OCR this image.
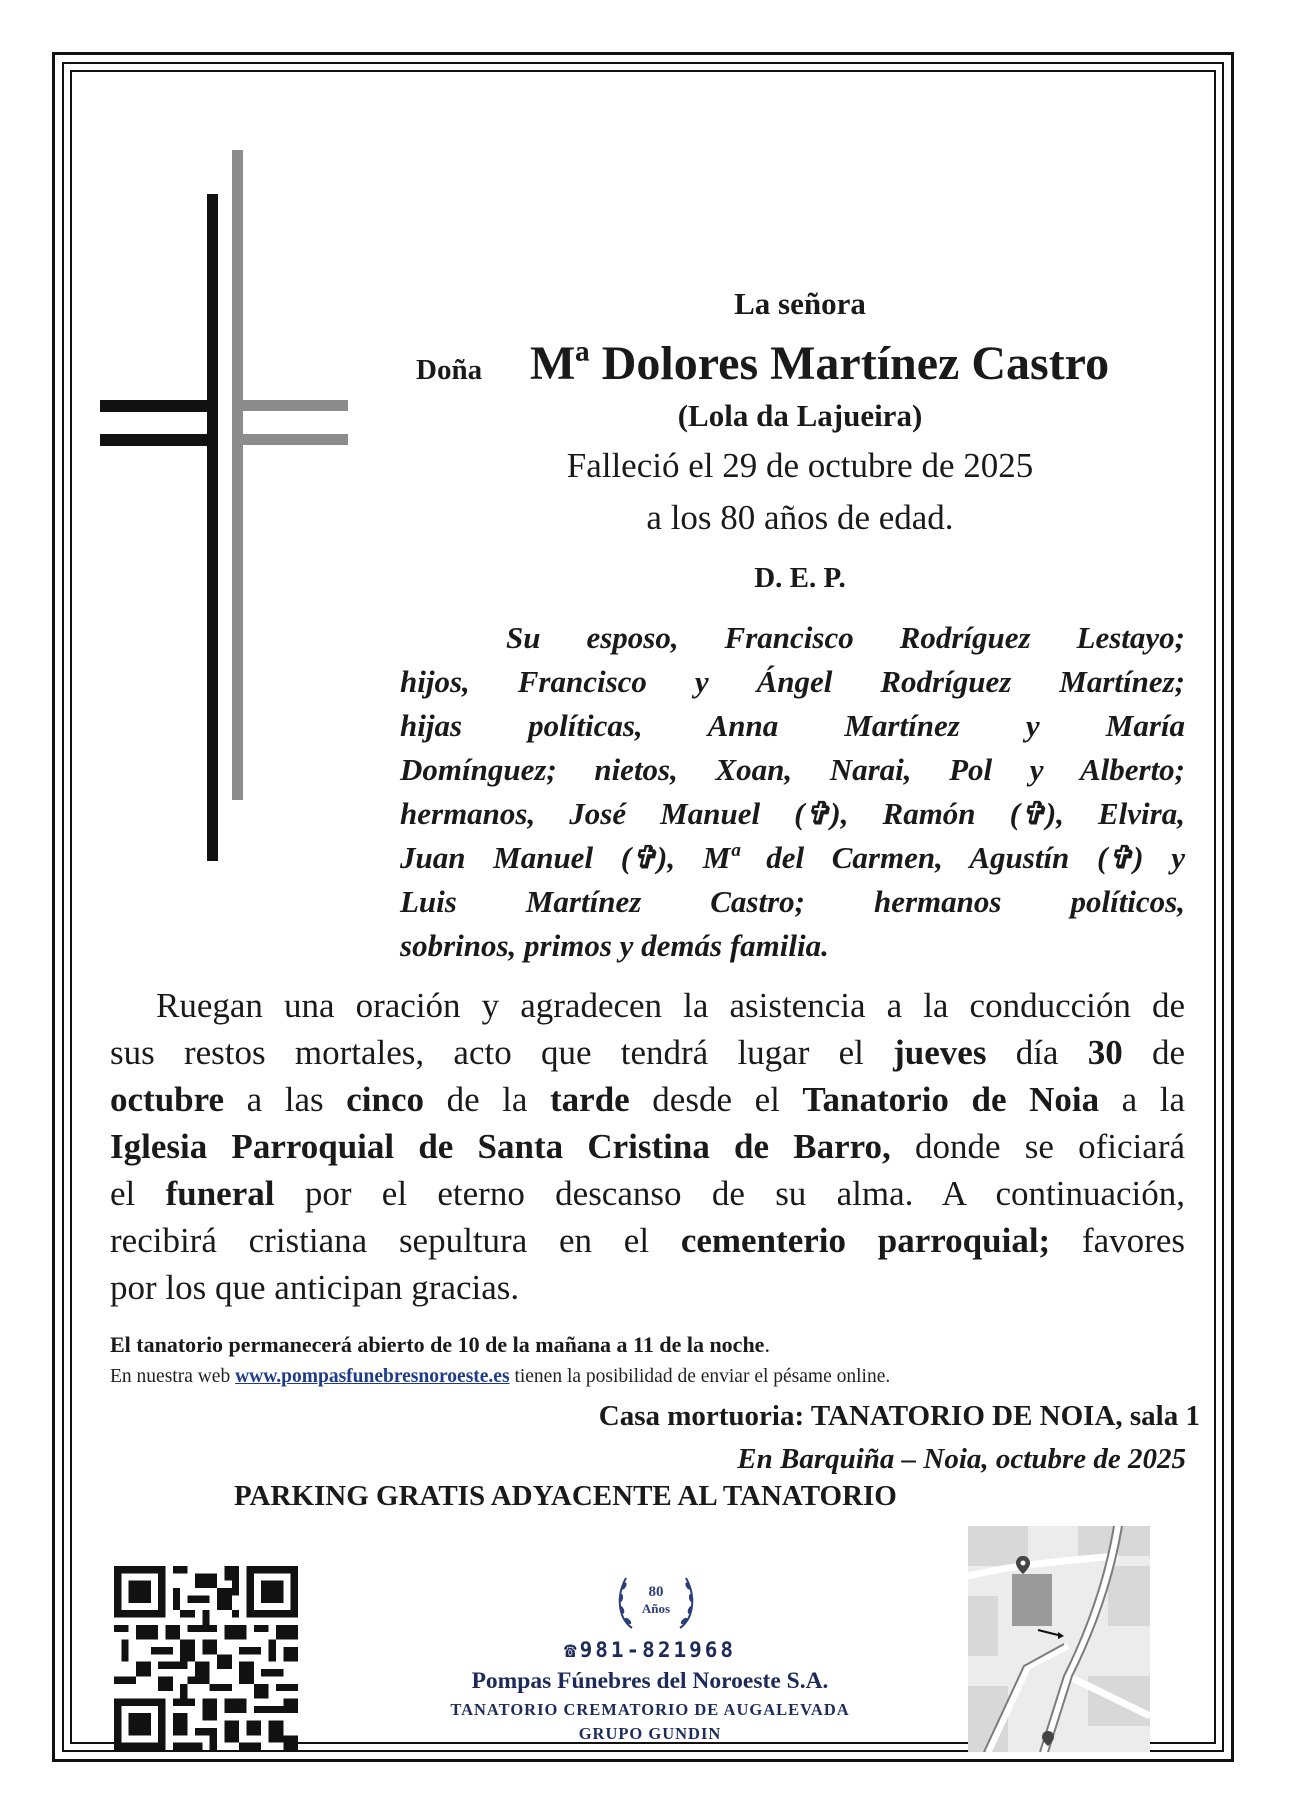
La señora
Doña Mª Dolores Martínez Castro
(Lola da Lajueira)
Falleció el 29 de octubre de 2025
a los 80 años de edad.
D. E. P.
Su esposo, Francisco Rodríguez Lestayo;
hijos, Francisco y Ángel Rodríguez Martínez;
hijas políticas, Anna Martínez y María
Domínguez; nietos, Xoan, Narai, Pol y Alberto;
hermanos, José Manuel (✞), Ramón (✞), Elvira,
Juan Manuel (✞), Mª del Carmen, Agustín (✞) y
Luis Martínez Castro; hermanos políticos,
sobrinos, primos y demás familia.
Ruegan una oración y agradecen la asistencia a la conducción de
sus restos mortales, acto que tendrá lugar el jueves día 30 de
octubre a las cinco de la tarde desde el Tanatorio de Noia a la
Iglesia Parroquial de Santa Cristina de Barro, donde se oficiará
el funeral por el eterno descanso de su alma. A continuación,
recibirá cristiana sepultura en el cementerio parroquial; favores
por los que anticipan gracias.
El tanatorio permanecerá abierto de 10 de la mañana a 11 de la noche.
En nuestra web www.pompasfunebresnoroeste.es tienen la posibilidad de enviar el pésame online.
Casa mortuoria: TANATORIO DE NOIA, sala 1
En Barquiña – Noia, octubre de 2025
PARKING GRATIS ADYACENTE AL TANATORIO
80
Años
☎981-821968
Pompas Fúnebres del Noroeste S.A.
TANATORIO CREMATORIO DE AUGALEVADA
GRUPO GUNDIN
